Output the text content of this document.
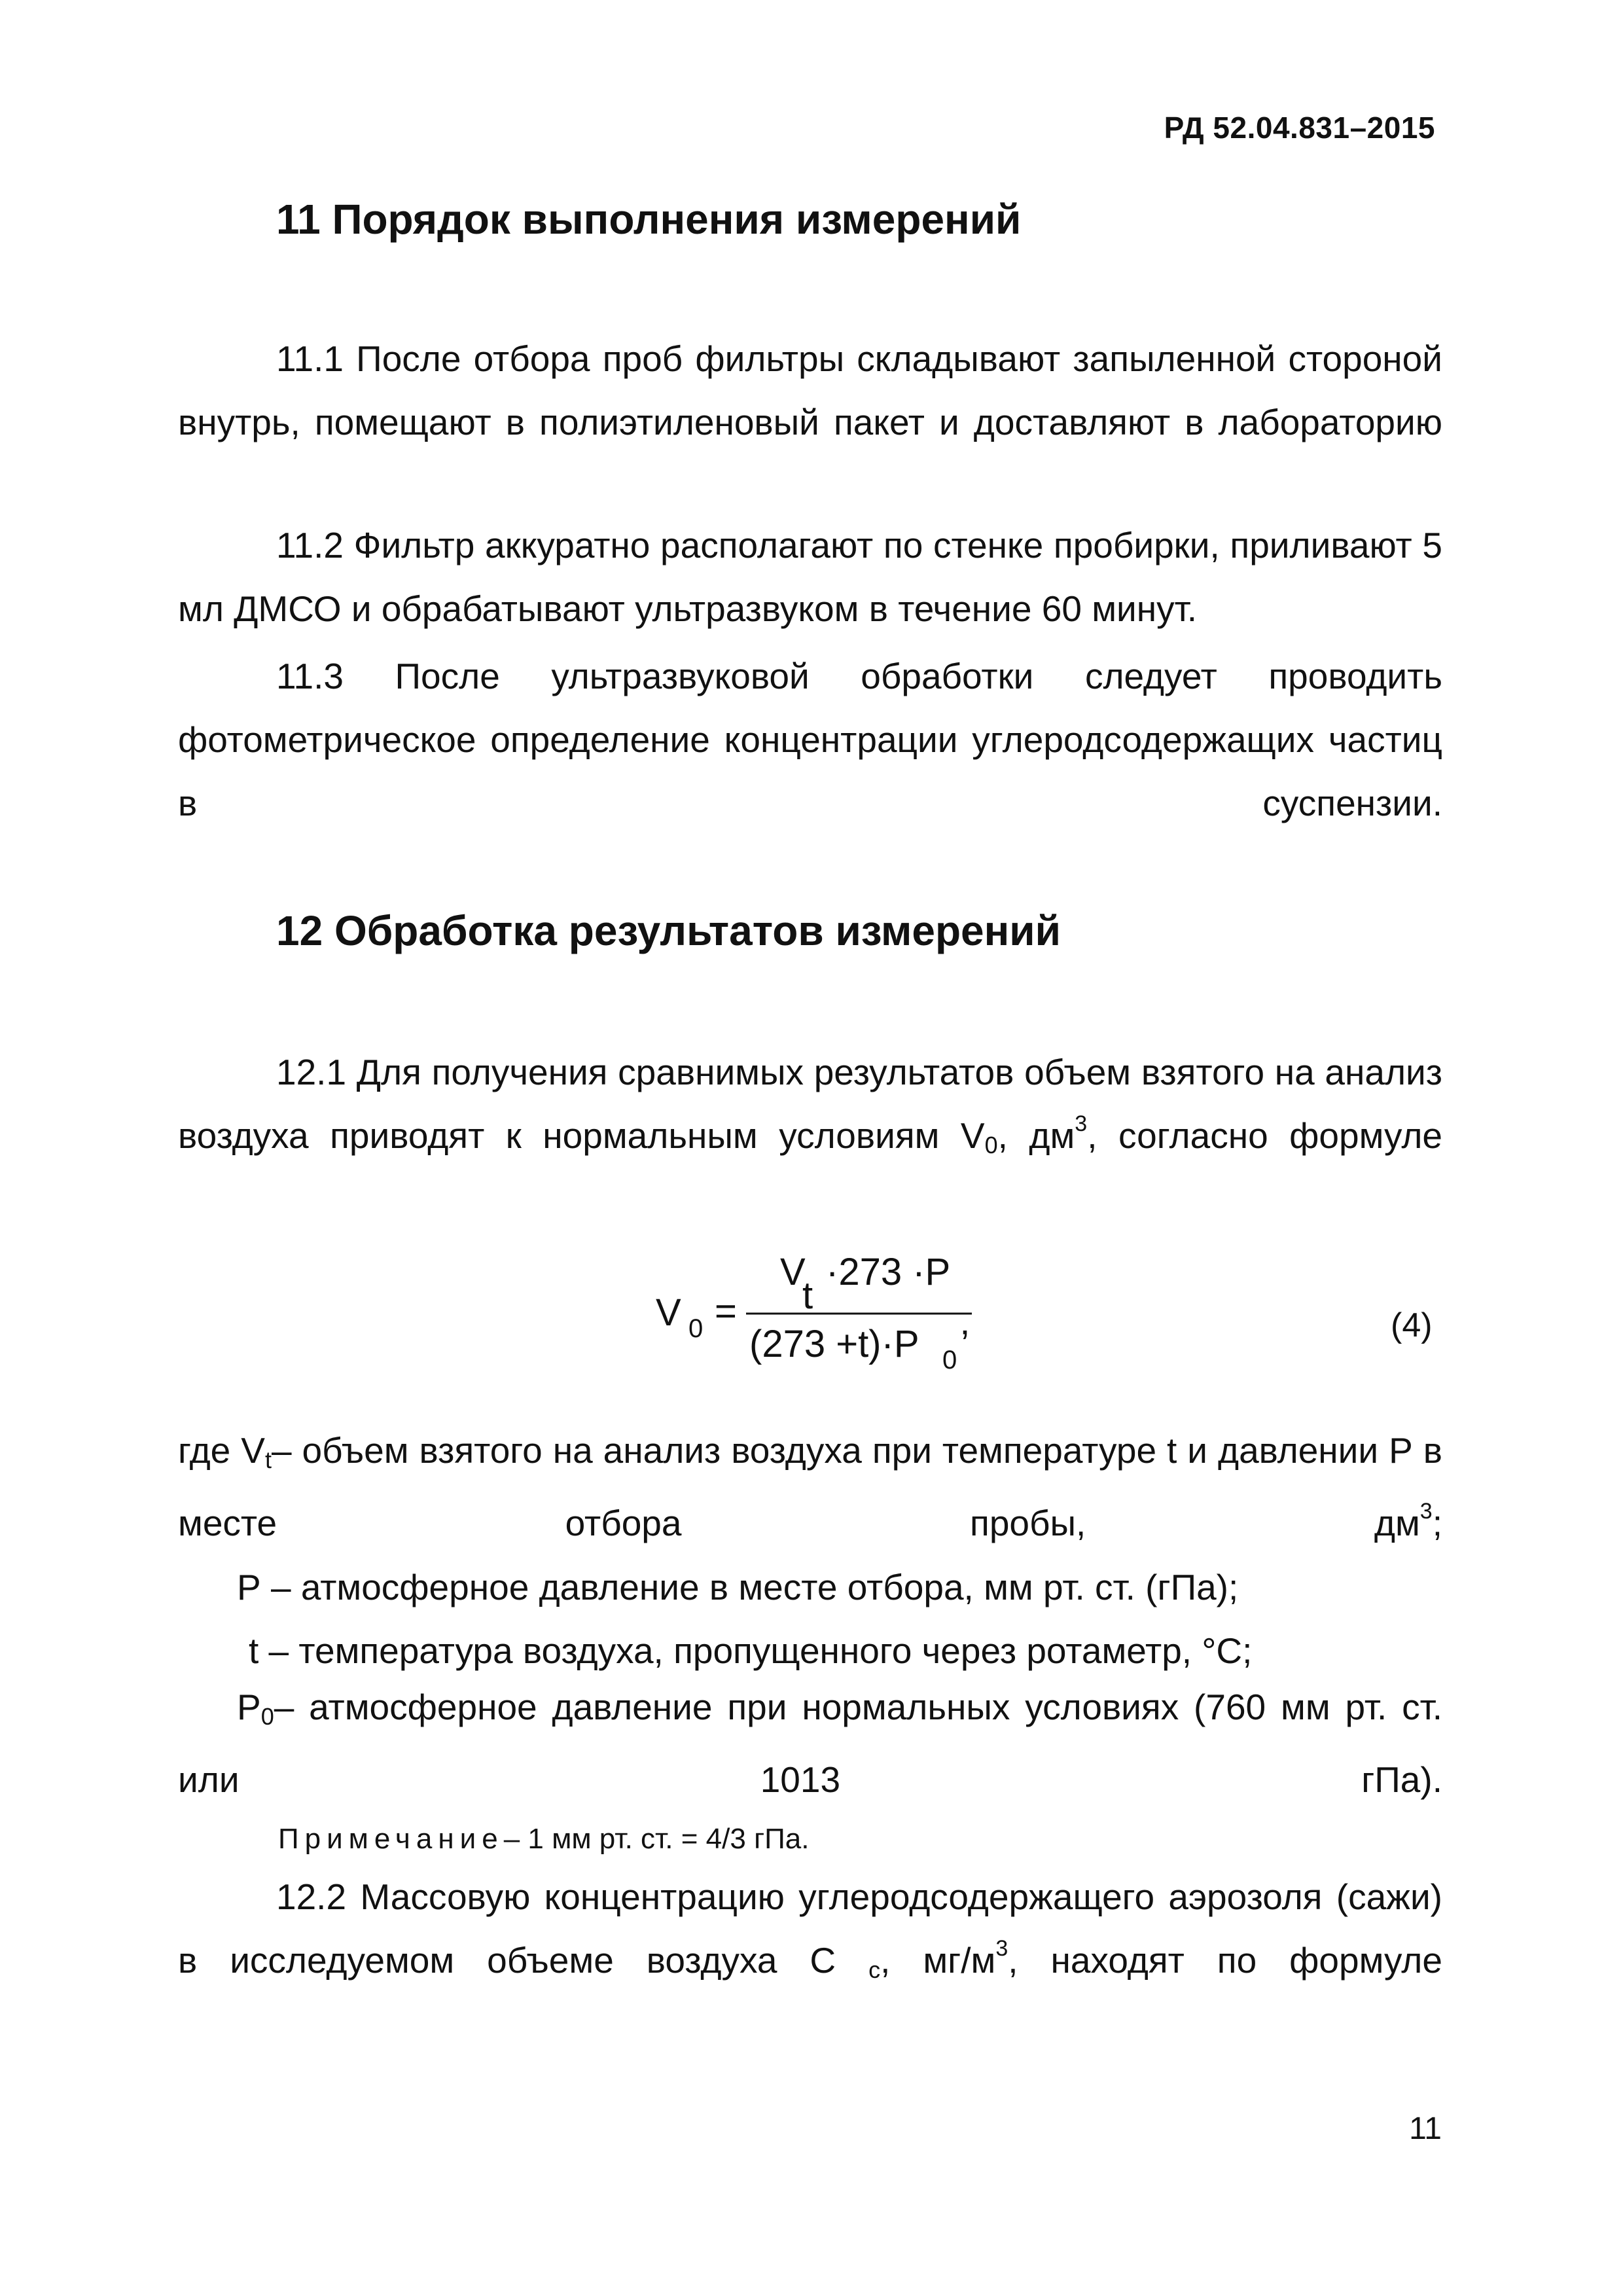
РД 52.04.831–2015
11 Порядок выполнения измерений
11.1 После отбора проб фильтры складывают запыленной стороной внутрь, помещают в полиэтиленовый пакет и доставляют в лабораторию
11.2 Фильтр аккуратно располагают по стенке пробирки, приливают 5 мл ДМСО и обрабатывают ультразвуком в течение 60 минут.
11.3 После ультразвуковой обработки следует проводить фотометрическое определение концентрации углеродсодержащих частиц в суспензии.
12 Обработка результатов измерений
12.1 Для получения сравнимых результатов объем взятого на анализ воздуха приводят к нормальным условиям $V_0$, $дм^3$, согласно формуле
V 0 =
V
t
·273 ·P
(273 +t)·P 0 ’	(4)
где $V_t-$ объем взятого на анализ воздуха при температуре t и давлении Р в месте отбора пробы, $дм^3$;
Р – атмосферное давление в месте отбора, мм рт. ст. (гПа);
t – температура воздуха, пропущенного через ротаметр, °С;
$Р_0-$ атмосферное давление при нормальных условиях (760 мм рт. ст. или 1013 гПа).
Примечание– 1 мм рт. ст. = 4/3 гПа.
12.2 Массовую концентрацию углеродсодержащего аэрозоля (сажи) в исследуемом объеме воздуха С $_с$, $мг/м^3$, находят по формуле
11
